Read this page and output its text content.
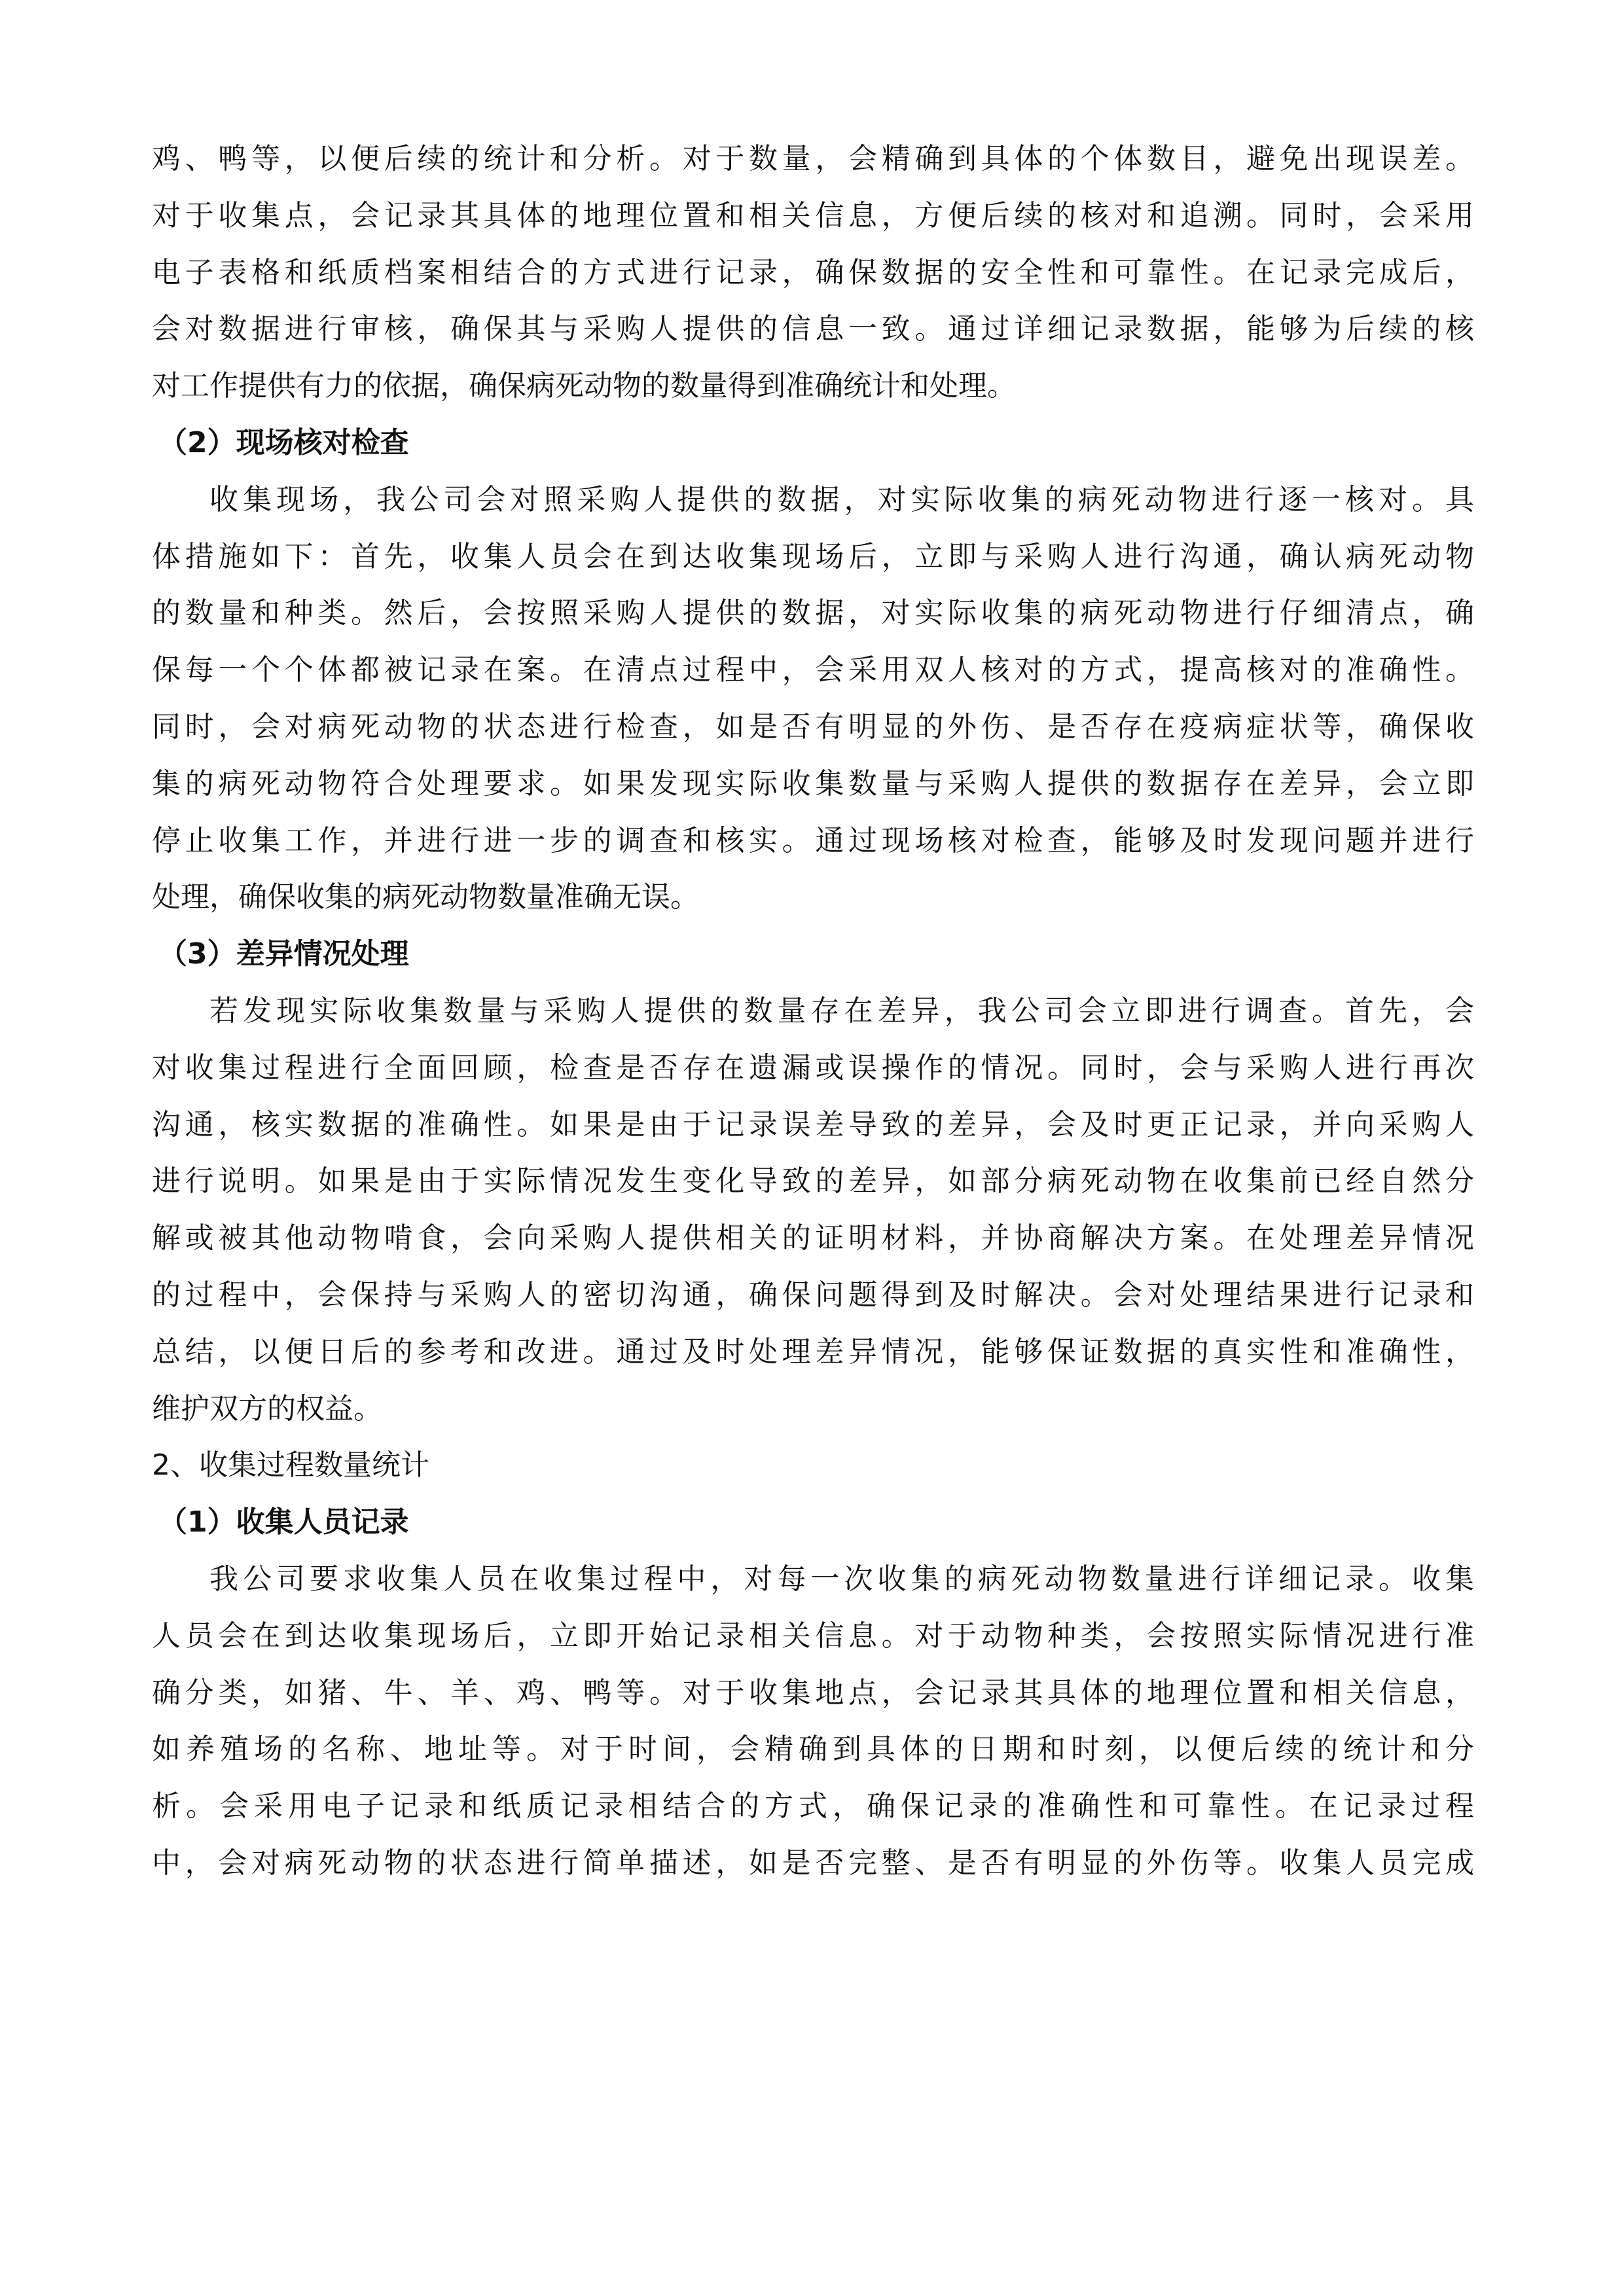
鸡、鸭等，以便后续的统计和分析。对于数量，会精确到具体的个体数目，避免出现误差。
对于收集点，会记录其具体的地理位置和相关信息，方便后续的核对和追溯。同时，会采用
电子表格和纸质档案相结合的方式进行记录，确保数据的安全性和可靠性。在记录完成后，
会对数据进行审核，确保其与采购人提供的信息一致。通过详细记录数据，能够为后续的核
对工作提供有力的依据，确保病死动物的数量得到准确统计和处理。
（2）现场核对检查
收集现场，我公司会对照采购人提供的数据，对实际收集的病死动物进行逐一核对。具
体措施如下：首先，收集人员会在到达收集现场后，立即与采购人进行沟通，确认病死动物
的数量和种类。然后，会按照采购人提供的数据，对实际收集的病死动物进行仔细清点，确
保每一个个体都被记录在案。在清点过程中，会采用双人核对的方式，提高核对的准确性。
同时，会对病死动物的状态进行检查，如是否有明显的外伤、是否存在疫病症状等，确保收
集的病死动物符合处理要求。如果发现实际收集数量与采购人提供的数据存在差异，会立即
停止收集工作，并进行进一步的调查和核实。通过现场核对检查，能够及时发现问题并进行
处理，确保收集的病死动物数量准确无误。
（3）差异情况处理
若发现实际收集数量与采购人提供的数量存在差异，我公司会立即进行调查。首先，会
对收集过程进行全面回顾，检查是否存在遗漏或误操作的情况。同时，会与采购人进行再次
沟通，核实数据的准确性。如果是由于记录误差导致的差异，会及时更正记录，并向采购人
进行说明。如果是由于实际情况发生变化导致的差异，如部分病死动物在收集前已经自然分
解或被其他动物啃食，会向采购人提供相关的证明材料，并协商解决方案。在处理差异情况
的过程中，会保持与采购人的密切沟通，确保问题得到及时解决。会对处理结果进行记录和
总结，以便日后的参考和改进。通过及时处理差异情况，能够保证数据的真实性和准确性，
维护双方的权益。
2、收集过程数量统计
（1）收集人员记录
我公司要求收集人员在收集过程中，对每一次收集的病死动物数量进行详细记录。收集
人员会在到达收集现场后，立即开始记录相关信息。对于动物种类，会按照实际情况进行准
确分类，如猪、牛、羊、鸡、鸭等。对于收集地点，会记录其具体的地理位置和相关信息，
如养殖场的名称、地址等。对于时间，会精确到具体的日期和时刻，以便后续的统计和分
析。会采用电子记录和纸质记录相结合的方式，确保记录的准确性和可靠性。在记录过程
中，会对病死动物的状态进行简单描述，如是否完整、是否有明显的外伤等。收集人员完成
